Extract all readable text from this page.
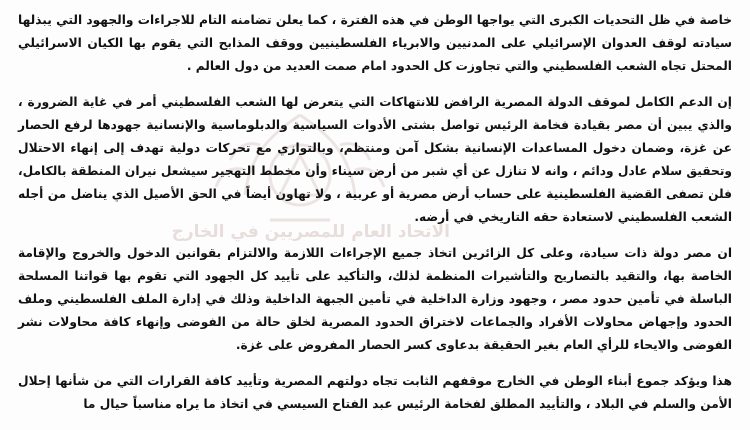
الاتحاد العام للمصريين في الخارج

خاصة في ظل التحديات الكبرى التي يواجها الوطن في هذه الفترة ، كما يعلن تضامنه التام للاجراءات والجهود التي يبذلها سيادته لوقف العدوان الإسرائيلي على المدنيين والابرياء الفلسطينيين ووقف المذابح التي يقوم بها الكيان الاسرائيلي المحتل تجاه الشعب الفلسطيني والتي تجاوزت كل الحدود امام صمت العديد من دول العالم .

إن الدعم الكامل لموقف الدولة المصرية الرافض للانتهاكات التي يتعرض لها الشعب الفلسطيني أمر في غاية الضرورة ، والذي يبين أن مصر بقيادة فخامة الرئيس تواصل بشتى الأدوات السياسية والدبلوماسية والإنسانية جهودها لرفع الحصار عن غزة، وضمان دخول المساعدات الإنسانية بشكل آمن ومنتظم، وبالتوازي مع تحركات دولية تهدف إلى إنهاء الاحتلال وتحقيق سلام عادل ودائم ، وانه لا تنازل عن أي شبر من أرض سيناء وأن مخطط التهجير سيشعل نيران المنطقة بالكامل، فلن تصفى القضية الفلسطينية على حساب أرض مصرية أو عربية ، ولا تهاون أيضاً في الحق الأصيل الذي يناضل من أجله الشعب الفلسطيني لاستعادة حقه التاريخي في أرضه.

ان مصر دولة ذات سيادة، وعلى كل الزائرين اتخاذ جميع الإجراءات اللازمة والالتزام بقوانين الدخول والخروج والإقامة الخاصة بها، والتقيد بالتصاريح والتأشيرات المنظمة لذلك، والتأكيد على تأييد كل الجهود التي تقوم بها قواتنا المسلحة الباسلة في تأمين حدود مصر ، وجهود وزارة الداخلية في تأمين الجبهة الداخلية وذلك في إدارة الملف الفلسطيني وملف الحدود وإجهاض محاولات الأفراد والجماعات لاختراق الحدود المصرية لخلق حالة من الفوضى وإنهاء كافة محاولات نشر الفوضى والايحاء للرأي العام بغير الحقيقة بدعاوى كسر الحصار المفروض على غزة.

هذا ويؤكد جموع أبناء الوطن في الخارج موقفهم الثابت تجاه دولتهم المصرية وتأييد كافة القرارات التي من شأنها إحلال الأمن والسلم في البلاد ، والتأييد المطلق لفخامة الرئيس عبد الفتاح السيسي في اتخاذ ما يراه مناسباً حيال ما
